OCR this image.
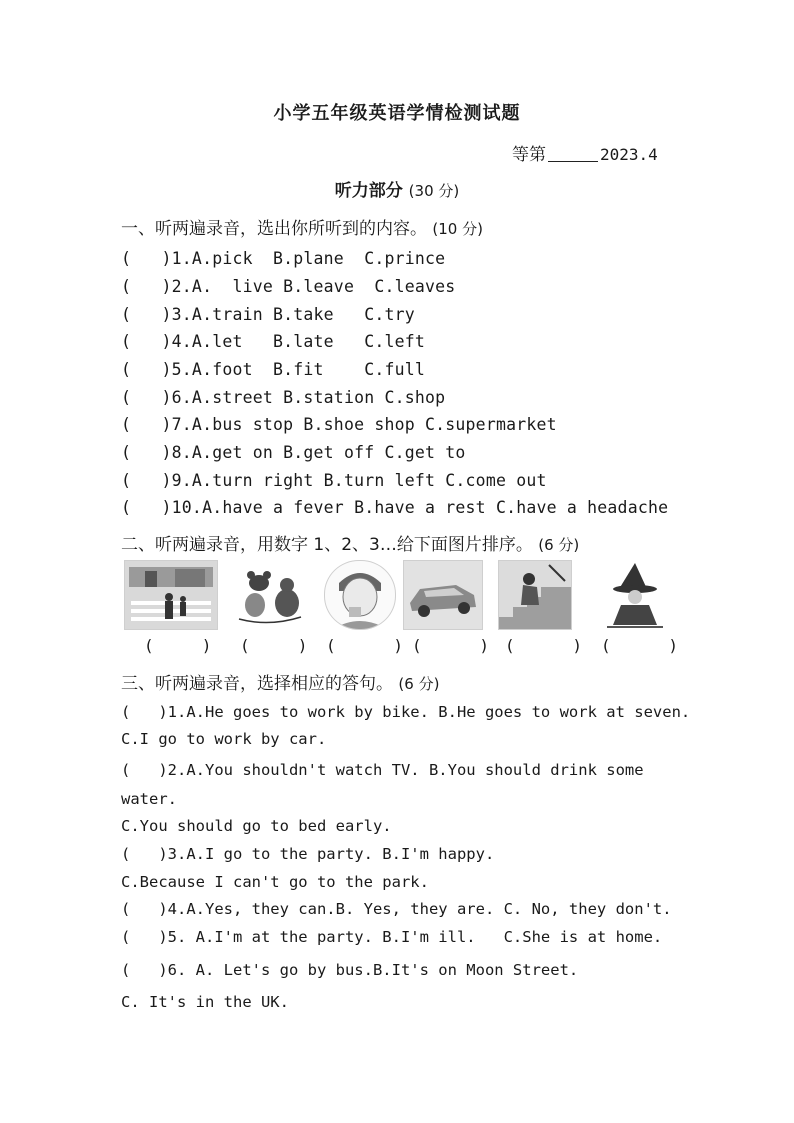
小学五年级英语学情检测试题
等第	2023.4
听力部分 (30 分)
一、听两遍录音，选出你所听到的内容。 (10 分)
(   )1.A.pick  B.plane  C.prince
(   )2.A.  live B.leave  C.leaves
(   )3.A.train B.take   C.try
(   )4.A.let   B.late   C.left
(   )5.A.foot  B.fit    C.full
(   )6.A.street B.station C.shop
(   )7.A.bus stop B.shoe shop C.supermarket
(   )8.A.get on B.get off C.get to
(   )9.A.turn right B.turn left C.come out
(   )10.A.have a fever B.have a rest C.have a headache
二、听两遍录音，用数字 1、2、3…给下面图片排序。 (6 分)
(     ) (     ) (      ) (      ) (      ) (      )
三、听两遍录音，选择相应的答句。 (6 分)
(   )1.A.He goes to work by bike. B.He goes to work at seven.
C.I go to work by car.
(   )2.A.You shouldn't watch TV. B.You should drink some
water.
C.You should go to bed early.
(   )3.A.I go to the party. B.I'm happy.
C.Because I can't go to the park.
(   )4.A.Yes, they can.B. Yes, they are. C. No, they don't.
(   )5. A.I'm at the party. B.I'm ill.   C.She is at home.
(   )6. A. Let's go by bus.B.It's on Moon Street.
C. It's in the UK.
